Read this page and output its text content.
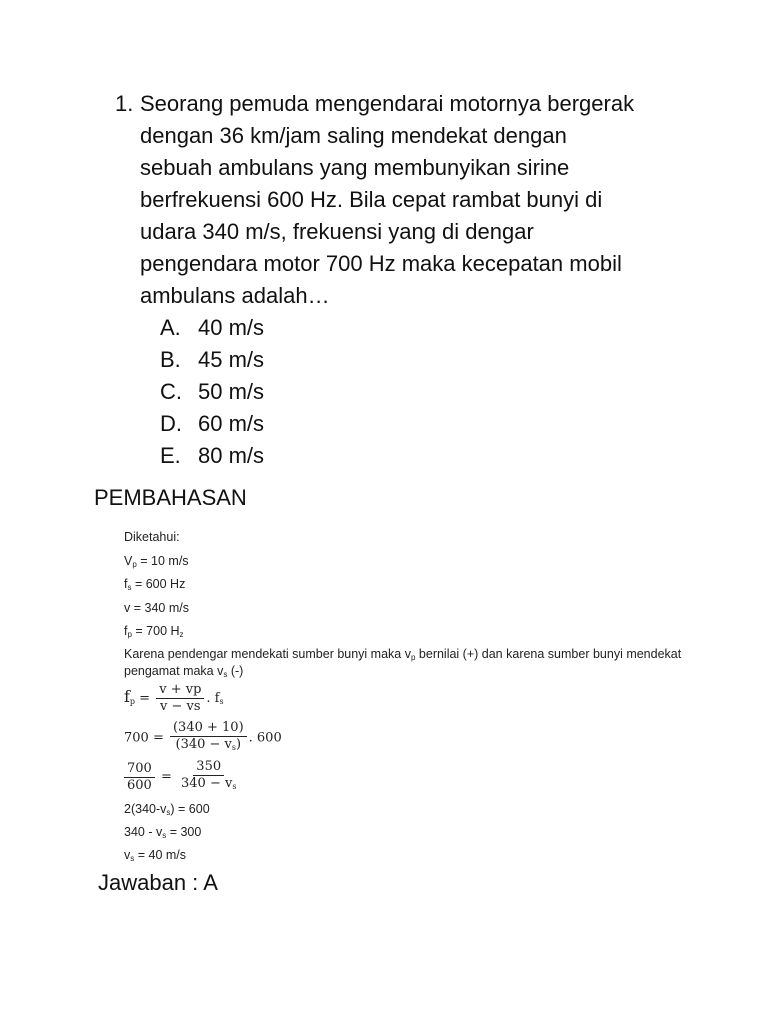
1. Seorang pemuda mengendarai motornya bergerak
dengan 36 km/jam saling mendekat dengan
sebuah ambulans yang membunyikan sirine
berfrekuensi 600 Hz. Bila cepat rambat bunyi di
udara 340 m/s, frekuensi yang di dengar
pengendara motor 700 Hz maka kecepatan mobil
ambulans adalah…
A. 40 m/s
B. 45 m/s
C. 50 m/s
D. 60 m/s
E. 80 m/s
PEMBAHASAN
Diketahui:
$V_p = 10$ m/s
$f_s = 600$ Hz
v = 340 m/s
$f_p = 700$ $H_z$
Karena pendengar mendekati sumber bunyi maka $v_p$ bernilai (+) dan karena sumber bunyi mendekat
pengamat maka $v_s$ (-)
$f_p = \frac{v + vp}{v - vs}$ . $f_s$
$700 = \frac{(340 + 10)}{(340 - v_s)}$ . 600
$\frac{700}{600} = \frac{350}{340 - v_s}$
$2(340-v_s) = 600$
$340 - v_s = 300$
$v_s = 40$ m/s
Jawaban : A
